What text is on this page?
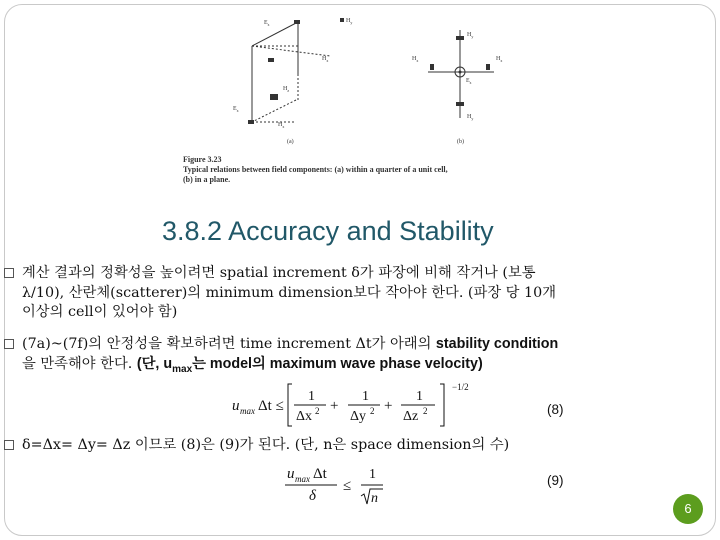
$H_y$
$E_z$
$H_x$
$H_z$
$E_x$
$H_x$
$H_y$
$H_x$	$H_x$
$E_z$
$H_y$
(a)	(b)
Figure 3.23
Typical relations between field components: (a) within a quarter of a unit cell,
(b) in a plane.
3.8.2 Accuracy and Stability
계산 결과의 정확성을 높이려면 spatial increment δ가 파장에 비해 작거나 (보통
λ/10), 산란체(scatterer)의 minimum dimension보다 작아야 한다. (파장 당 10개
이상의 cell이 있어야 함)
(7a)~(7f)의 안정성을 확보하려면 time increment Δt가 아래의 stability condition
을 만족해야 한다. (단, $u_{max}$는 model의 maximum wave phase velocity)
u max Δt ≤
1
Δx 2 +
1
Δy 2 +
1
Δz 2
−1/2
(8)
δ=Δx= Δy= Δz 이므로 (8)은 (9)가 된다. (단, n은 space dimension의 수)
u max Δt
δ
≤
1
n
(9)
6
